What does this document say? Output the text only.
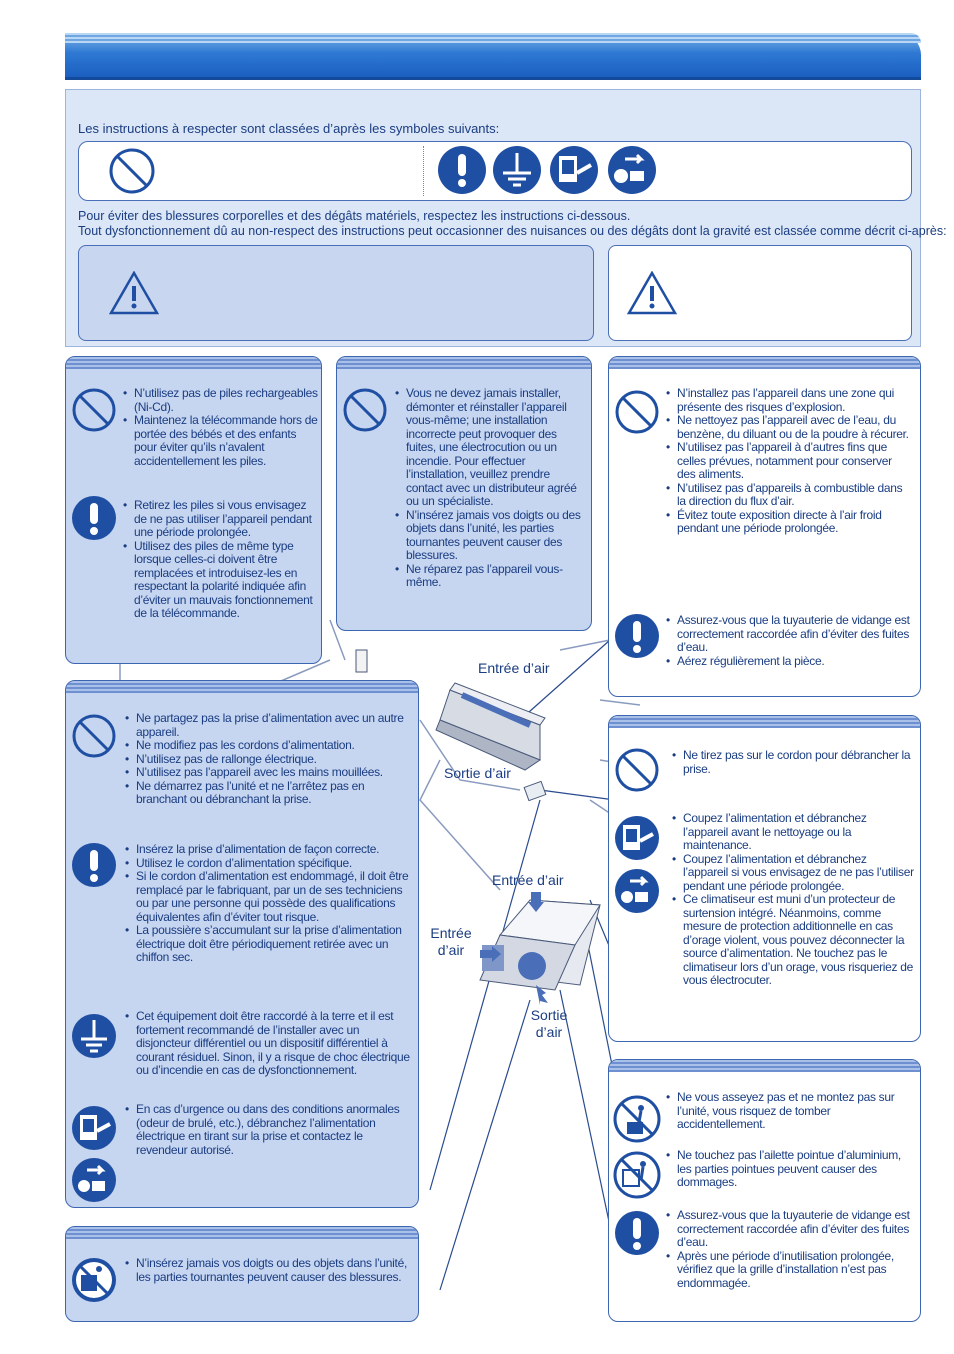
Les instructions à respecter sont classées d’après les symboles suivants:
Pour éviter des blessures corporelles et des dégâts matériels, respectez les instructions ci-dessous.
Tout dysfonctionnement dû au non-respect des instructions peut occasionner des nuisances ou des dégâts dont la gravité est classée comme décrit ci-après:
• N’utilisez pas de piles rechargeables (Ni-Cd).
• Maintenez la télécommande hors de portée des bébés et des enfants pour éviter qu’ils n’avalent accidentellement les piles.
• Retirez les piles si vous envisagez de ne pas utiliser l’appareil pendant une période prolongée.
• Utilisez des piles de même type lorsque celles-ci doivent être remplacées et introduisez-les en respectant la polarité indiquée afin d’éviter un mauvais fonctionnement de la télécommande.
• Vous ne devez jamais installer, démonter et réinstaller l’appareil vous-même; une installation incorrecte peut provoquer des fuites, une électrocution ou un incendie. Pour effectuer l’installation, veuillez prendre contact avec un distributeur agréé ou un spécialiste.
• N’insérez jamais vos doigts ou des objets dans l’unité, les parties tournantes peuvent causer des blessures.
• Ne réparez pas l’appareil vous-même.
• N’installez pas l’appareil dans une zone qui présente des risques d’explosion.
• Ne nettoyez pas l’appareil avec de l’eau, du benzène, du diluant ou de la poudre à récurer.
• N’utilisez pas l’appareil à d’autres fins que celles prévues, notamment pour conserver des aliments.
• N’utilisez pas d’appareils à combustible dans la direction du flux d’air.
• Évitez toute exposition directe à l’air froid pendant une période prolongée.
• Assurez-vous que la tuyauterie de vidange est correctement raccordée afin d’éviter des fuites d’eau.
• Aérez régulièrement la pièce.
• Ne partagez pas la prise d’alimentation avec un autre appareil.
• Ne modifiez pas les cordons d’alimentation.
• N’utilisez pas de rallonge électrique.
• N’utilisez pas l’appareil avec les mains mouillées.
• Ne démarrez pas l’unité et ne l’arrêtez pas en branchant ou débranchant la prise.
• Insérez la prise d’alimentation de façon correcte.
• Utilisez le cordon d’alimentation spécifique.
• Si le cordon d’alimentation est endommagé, il doit être remplacé par le fabriquant, par un de ses techniciens ou par une personne qui possède des qualifications équivalentes afin d’éviter tout risque.
• La poussière s’accumulant sur la prise d’alimentation électrique doit être périodiquement retirée avec un chiffon sec.
• Cet équipement doit être raccordé à la terre et il est fortement recommandé de l’installer avec un disjoncteur différentiel ou un dispositif différentiel à courant résiduel. Sinon, il y a risque de choc électrique ou d’incendie en cas de dysfonctionnement.
• En cas d’urgence ou dans des conditions anormales (odeur de brulé, etc.), débranchez l’alimentation électrique en tirant sur la prise et contactez le revendeur autorisé.
• N’insérez jamais vos doigts ou des objets dans l’unité, les parties tournantes peuvent causer des blessures.
• Ne tirez pas sur le cordon pour débrancher la prise.
• Coupez l’alimentation et débranchez l’appareil avant le nettoyage ou la maintenance.
• Coupez l’alimentation et débranchez l’appareil si vous envisagez de ne pas l’utiliser pendant une période prolongée.
• Ce climatiseur est muni d’un protecteur de surtension intégré. Néanmoins, comme mesure de protection additionnelle en cas d’orage violent, vous pouvez déconnecter la source d’alimentation. Ne touchez pas le climatiseur lors d’un orage, vous risqueriez de vous électrocuter.
• Ne vous asseyez pas et ne montez pas sur l’unité, vous risquez de tomber accidentellement.
• Ne touchez pas l’ailette pointue d’aluminium, les parties pointues peuvent causer des dommages.
• Assurez-vous que la tuyauterie de vidange est correctement raccordée afin d’éviter des fuites d’eau.
• Après une période d’inutilisation prolongée, vérifiez que la grille d’installation n’est pas endommagée.
Entrée d’air
Sortie d’air
Entrée d’air
Entrée d’air
Sortie d’air
